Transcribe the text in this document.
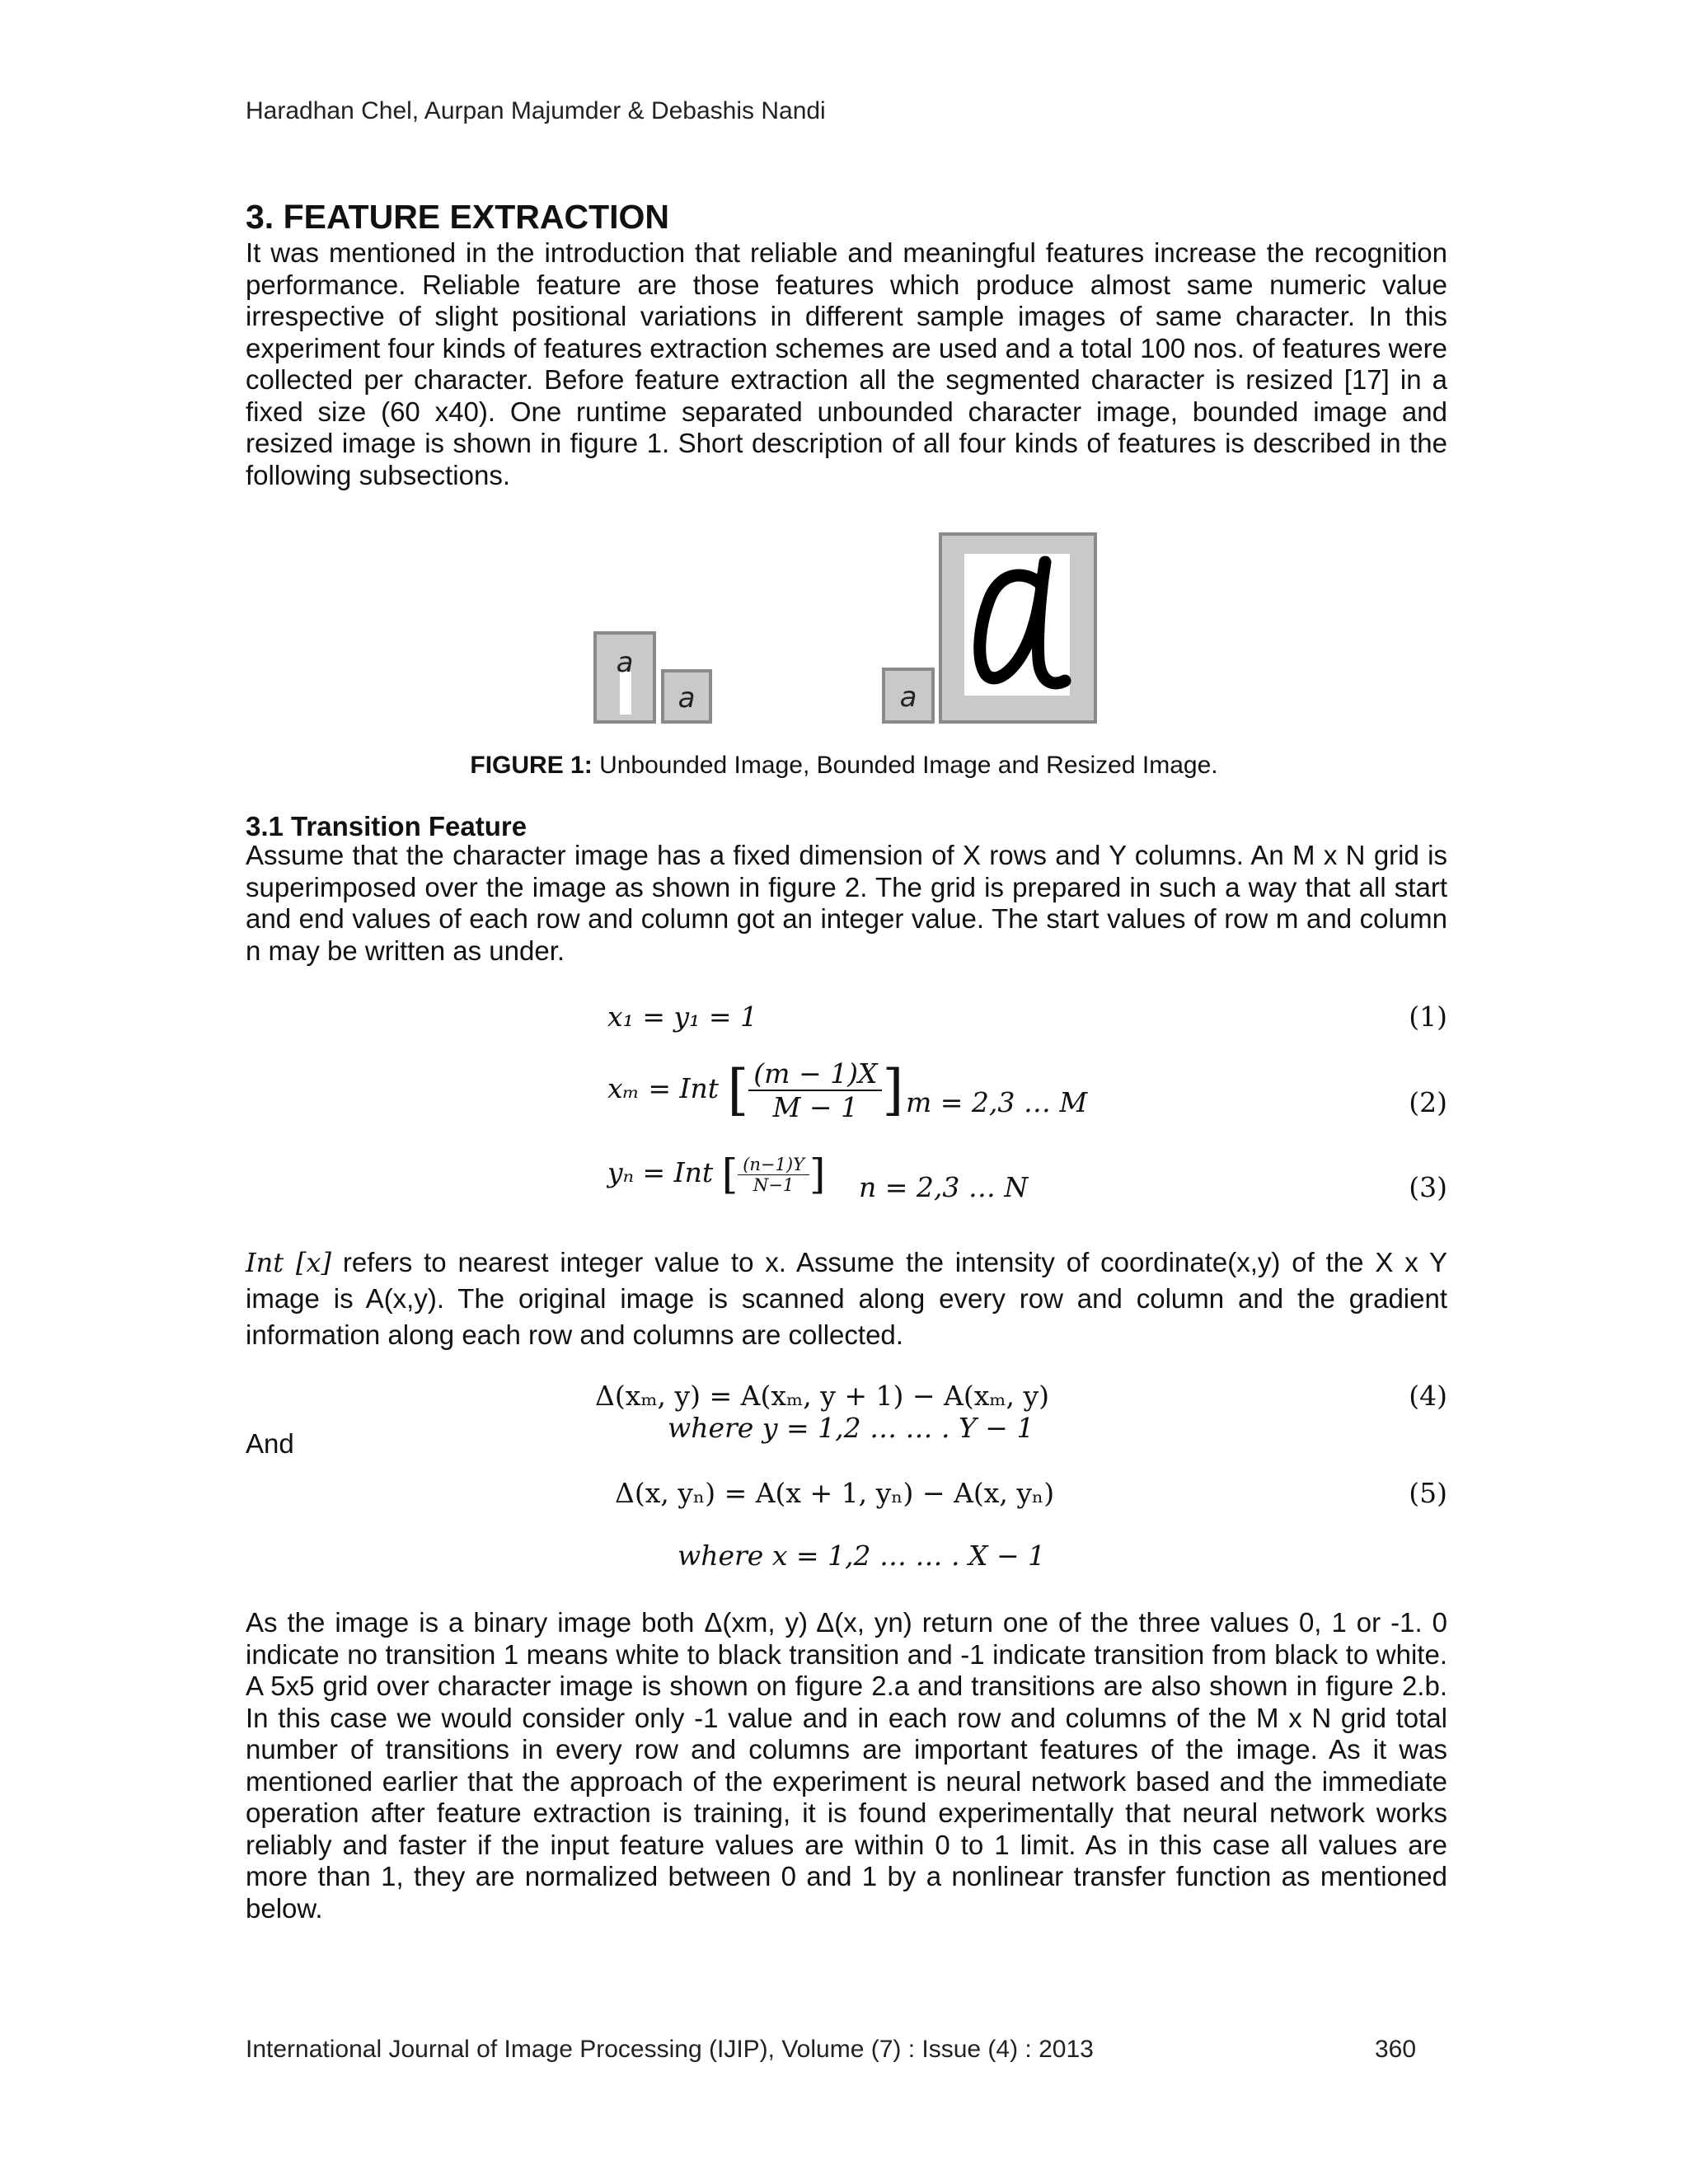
Haradhan Chel, Aurpan Majumder & Debashis Nandi
3. FEATURE EXTRACTION

It was mentioned in the introduction that reliable and meaningful features increase the recognition performance. Reliable feature are those features which produce almost same numeric value irrespective of slight positional variations in different sample images of same character. In this experiment four kinds of features extraction schemes are used and a total 100 nos. of features were collected per character. Before feature extraction all the segmented character is resized [17] in a fixed size (60 x40). One runtime separated unbounded character image, bounded image and resized image is shown in figure 1. Short description of all four kinds of features is described in the following subsections.

a
a	a
FIGURE 1: Unbounded Image, Bounded Image and Resized Image.
3.1 Transition Feature

Assume that the character image has a fixed dimension of X rows and Y columns. An M x N grid is superimposed over the image as shown in figure 2. The grid is prepared in such a way that all start and end values of each row and column got an integer value. The start values of row m and column n may be written as under.

x₁ = y₁ = 1	(1)
xₘ = Int [ $\frac{(m - 1)X}{M - 1}$ ] m = 2,3 … M	(2)
yₙ = Int [ $\frac{(n-1)Y}{N-1}$ ] n = 2,3 … N	(3)

Int [x] refers to nearest integer value to x. Assume the intensity of coordinate(x,y) of the X x Y image is A(x,y). The original image is scanned along every row and column and the gradient information along each row and columns are collected.

Δ(xₘ, y) = A(xₘ, y + 1) − A(xₘ, y)
where y = 1,2 … … . Y − 1
(4)
And
Δ(x, yₙ) = A(x + 1, yₙ) − A(x, yₙ)	(5)
where x = 1,2 … … . X − 1

As the image is a binary image both Δ(xm, y) Δ(x, yn) return one of the three values 0, 1 or -1. 0 indicate no transition 1 means white to black transition and -1 indicate transition from black to white. A 5x5 grid over character image is shown on figure 2.a and transitions are also shown in figure 2.b. In this case we would consider only -1 value and in each row and columns of the M x N grid total number of transitions in every row and columns are important features of the image. As it was mentioned earlier that the approach of the experiment is neural network based and the immediate operation after feature extraction is training, it is found experimentally that neural network works reliably and faster if the input feature values are within 0 to 1 limit. As in this case all values are more than 1, they are normalized between 0 and 1 by a nonlinear transfer function as mentioned below.

International Journal of Image Processing (IJIP), Volume (7) : Issue (4) : 2013	360
